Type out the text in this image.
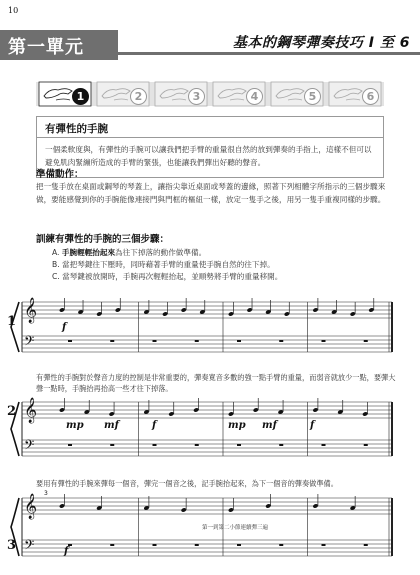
10
第一單元	基本的鋼琴彈奏技巧 I 至 6
1	2	3	4	5	6
有彈性的手腕
一個柔軟度與，有彈性的手腕可以讓我們把手臂的重量很自然的放到彈奏的手指上，這樣不但可以避免肌肉緊繃所造成的手臂的緊張，也能讓我們彈出好聽的聲音。
準備動作：
把一隻手放在桌面或鋼琴的琴蓋上，讓指尖靠近桌面或琴蓋的邊緣，照著下列相體字所指示的三個步驟來做，要能感覺到你的手腕能像連接門與門框的樞紐一樣，放定一隻手之後，用另一隻手重複同樣的步驟。
訓練有彈性的手腕的三個步驟：
A. 手腕輕輕抬起來為往下掉落的動作做準備。
B. 當把琴鍵往下壓時，同時藉著手臂的重量使手腕自然的往下掉。
C. 當琴鍵被放開時，手腕再次輕輕抬起，並順勢將手臂的重量移開。
𝄞
𝄢
1	f
有彈性的手腕對於聲音力度的控制是非常重要的，彈奏寬音多數的強一點手臂的重量，而弱音就放少一點，要彈大聲一點時，手腕抬再抬高一些才往下掉落。
𝄞
𝄢
2
mp mf	f	mp mf	f
要用有彈性的手腕來彈每一個音，彈完一個音之後，記手腕抬起來，為下一個音的彈奏做準備。
𝄞
𝄢
3	f
3
第一到第二小節連續彈三遍
